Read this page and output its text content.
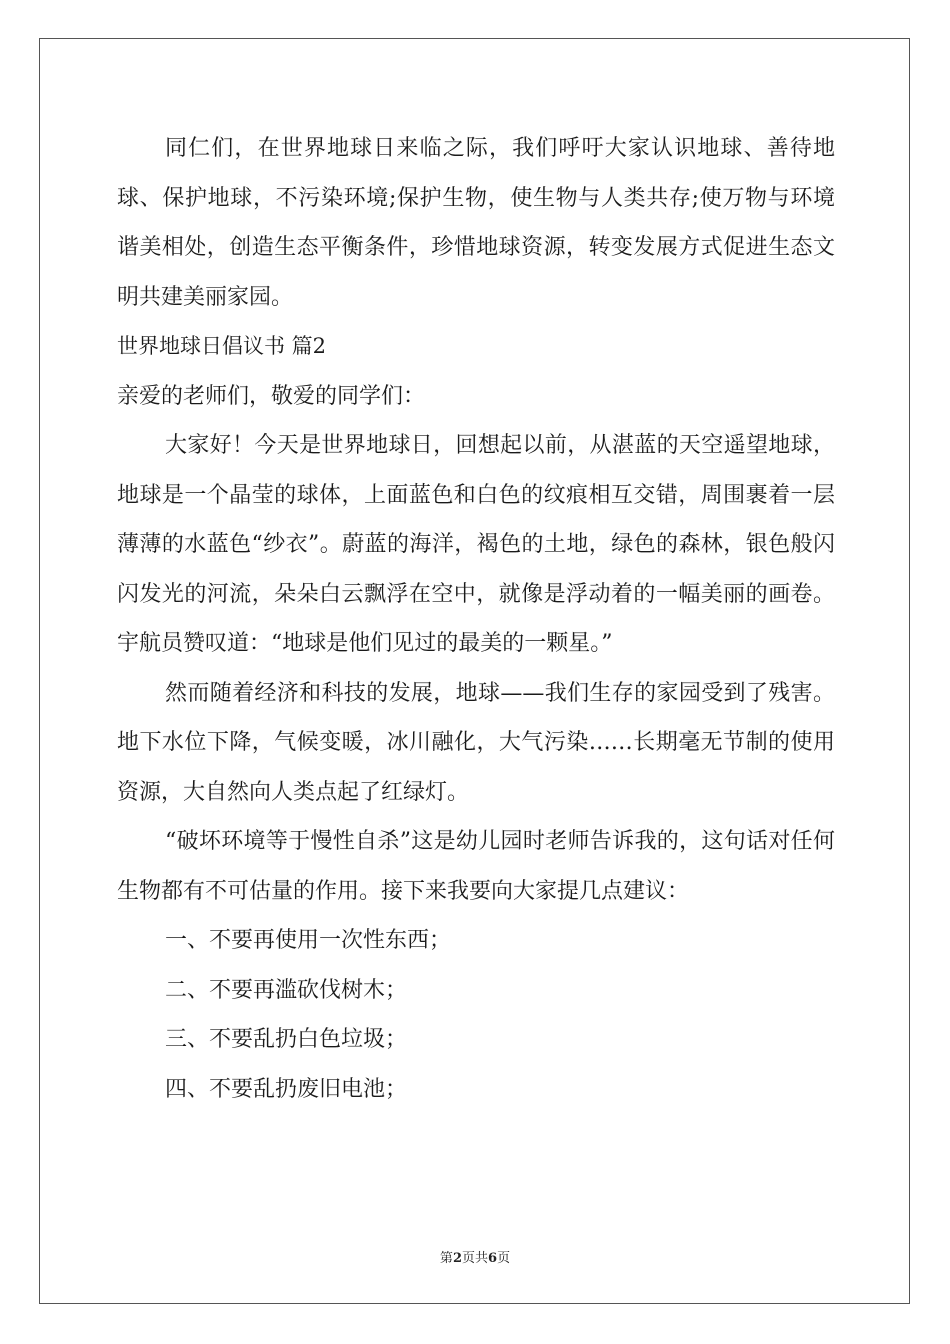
同仁们，在世界地球日来临之际，我们呼吁大家认识地球、善待地球、保护地球，不污染环境;保护生物，使生物与人类共存;使万物与环境谐美相处，创造生态平衡条件，珍惜地球资源，转变发展方式促进生态文明共建美丽家园。

世界地球日倡议书 篇2

亲爱的老师们，敬爱的同学们：

大家好！今天是世界地球日，回想起以前，从湛蓝的天空遥望地球，地球是一个晶莹的球体，上面蓝色和白色的纹痕相互交错，周围裹着一层薄薄的水蓝色“纱衣”。蔚蓝的海洋，褐色的土地，绿色的森林，银色般闪闪发光的河流，朵朵白云飘浮在空中，就像是浮动着的一幅美丽的画卷。宇航员赞叹道：“地球是他们见过的最美的一颗星。”

然而随着经济和科技的发展，地球——我们生存的家园受到了残害。地下水位下降，气候变暖，冰川融化，大气污染……长期毫无节制的使用资源，大自然向人类点起了红绿灯。

“破坏环境等于慢性自杀”这是幼儿园时老师告诉我的，这句话对任何生物都有不可估量的作用。接下来我要向大家提几点建议：

一、不要再使用一次性东西；

二、不要再滥砍伐树木；

三、不要乱扔白色垃圾；

四、不要乱扔废旧电池；

第2页共6页
